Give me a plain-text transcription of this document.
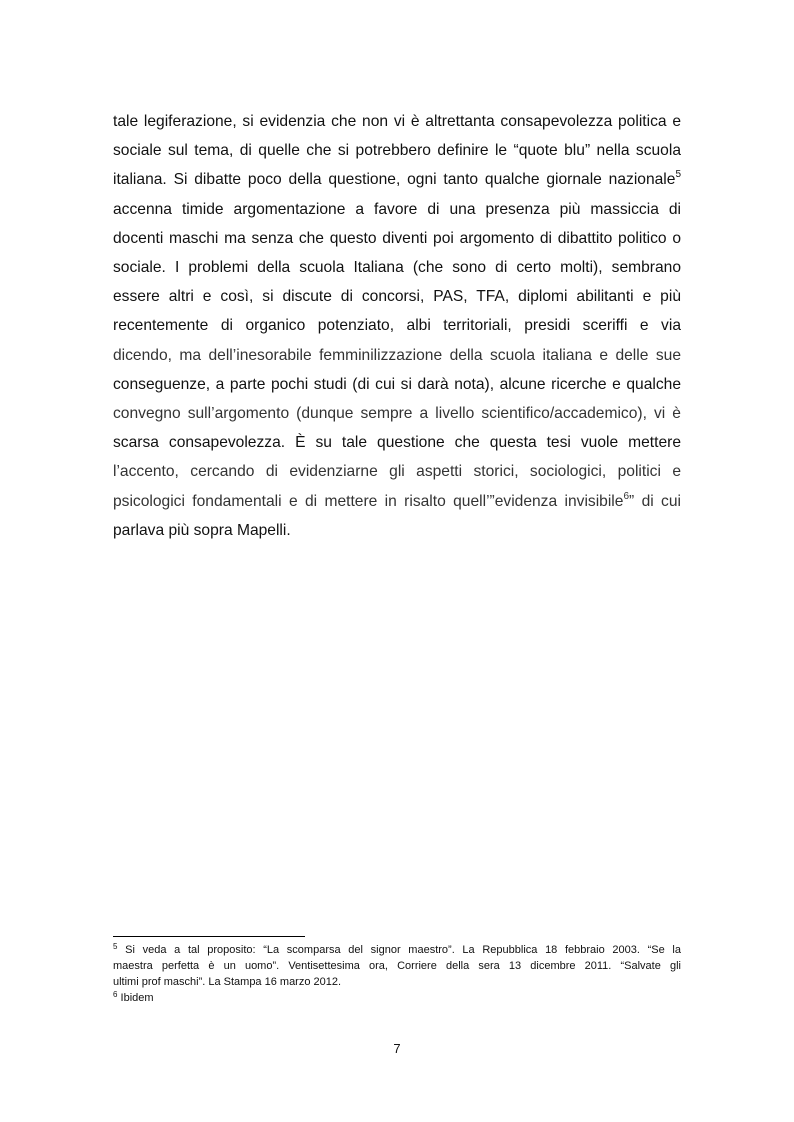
tale legiferazione, si evidenzia che non vi è altrettanta consapevolezza politica e
sociale sul tema, di quelle che si potrebbero definire le “quote blu” nella scuola
italiana. Si dibatte poco della questione, ogni tanto qualche giornale nazionale$^5$
accenna timide argomentazione a favore di una presenza più massiccia di
docenti maschi ma senza che questo diventi poi argomento di dibattito politico o
sociale. I problemi della scuola Italiana (che sono di certo molti), sembrano
essere altri e così, si discute di concorsi, PAS, TFA, diplomi abilitanti e più
recentemente di organico potenziato, albi territoriali, presidi sceriffi e via
dicendo, ma dell’inesorabile femminilizzazione della scuola italiana e delle sue
conseguenze, a parte pochi studi (di cui si darà nota), alcune ricerche e qualche
convegno sull’argomento (dunque sempre a livello scientifico/accademico), vi è
scarsa consapevolezza. È su tale questione che questa tesi vuole mettere
l’accento, cercando di evidenziarne gli aspetti storici, sociologici, politici e
psicologici fondamentali e di mettere in risalto quell’”evidenza invisibile$^6$” di cui
parlava più sopra Mapelli.
$^5$ Si veda a tal proposito: “La scomparsa del signor maestro”. La Repubblica 18 febbraio 2003. “Se la
maestra perfetta è un uomo”. Ventisettesima ora, Corriere della sera 13 dicembre 2011. “Salvate gli
ultimi prof maschi”. La Stampa 16 marzo 2012.
$^6$ Ibidem
7
